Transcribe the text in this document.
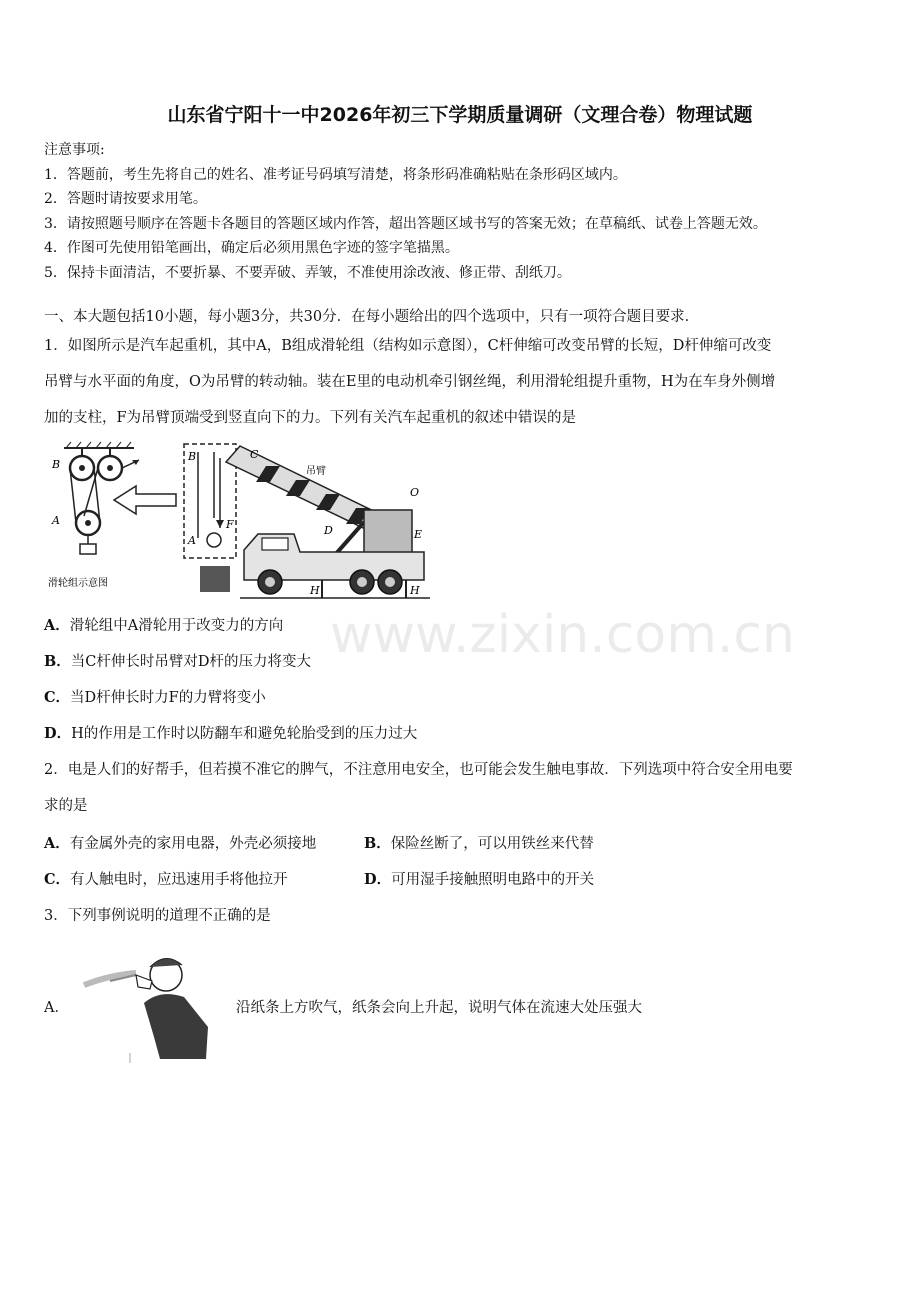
山东省宁阳十一中2026年初三下学期质量调研（文理合卷）物理试题
注意事项:
1．答题前，考生先将自己的姓名、准考证号码填写清楚，将条形码准确粘贴在条形码区域内。
2．答题时请按要求用笔。
3．请按照题号顺序在答题卡各题目的答题区域内作答，超出答题区域书写的答案无效；在草稿纸、试卷上答题无效。
4．作图可先使用铅笔画出，确定后必须用黑色字迹的签字笔描黑。
5．保持卡面清洁，不要折暴、不要弄破、弄皱，不准使用涂改液、修正带、刮纸刀。
一、本大题包括10小题，每小题3分，共30分．在每小题给出的四个选项中，只有一项符合题目要求．
1．如图所示是汽车起重机，其中A，B组成滑轮组（结构如示意图），C杆伸缩可改变吊臂的长短，D杆伸缩可改变
吊臂与水平面的角度，O为吊臂的转动轴。装在E里的电动机牵引钢丝绳，利用滑轮组提升重物，H为在车身外侧增
加的支柱，F为吊臂顶端受到竖直向下的力。下列有关汽车起重机的叙述中错误的是
B
A
滑轮组示意图
B
F
A
C
吊臂
O
D	E
H	H
A．滑轮组中A滑轮用于改变力的方向
B．当C杆伸长时吊臂对D杆的压力将变大
C．当D杆伸长时力F的力臂将变小
D．H的作用是工作时以防翻车和避免轮胎受到的压力过大
www.zixin.com.cn
2．电是人们的好帮手，但若摸不准它的脾气，不注意用电安全，也可能会发生触电事故．下列选项中符合安全用电要
求的是
A．有金属外壳的家用电器，外壳必须接地	B．保险丝断了，可以用铁丝来代替
C．有人触电时，应迅速用手将他拉开	D．可用湿手接触照明电路中的开关
3．下列事例说明的道理不正确的是
A．	沿纸条上方吹气，纸条会向上升起，说明气体在流速大处压强大
